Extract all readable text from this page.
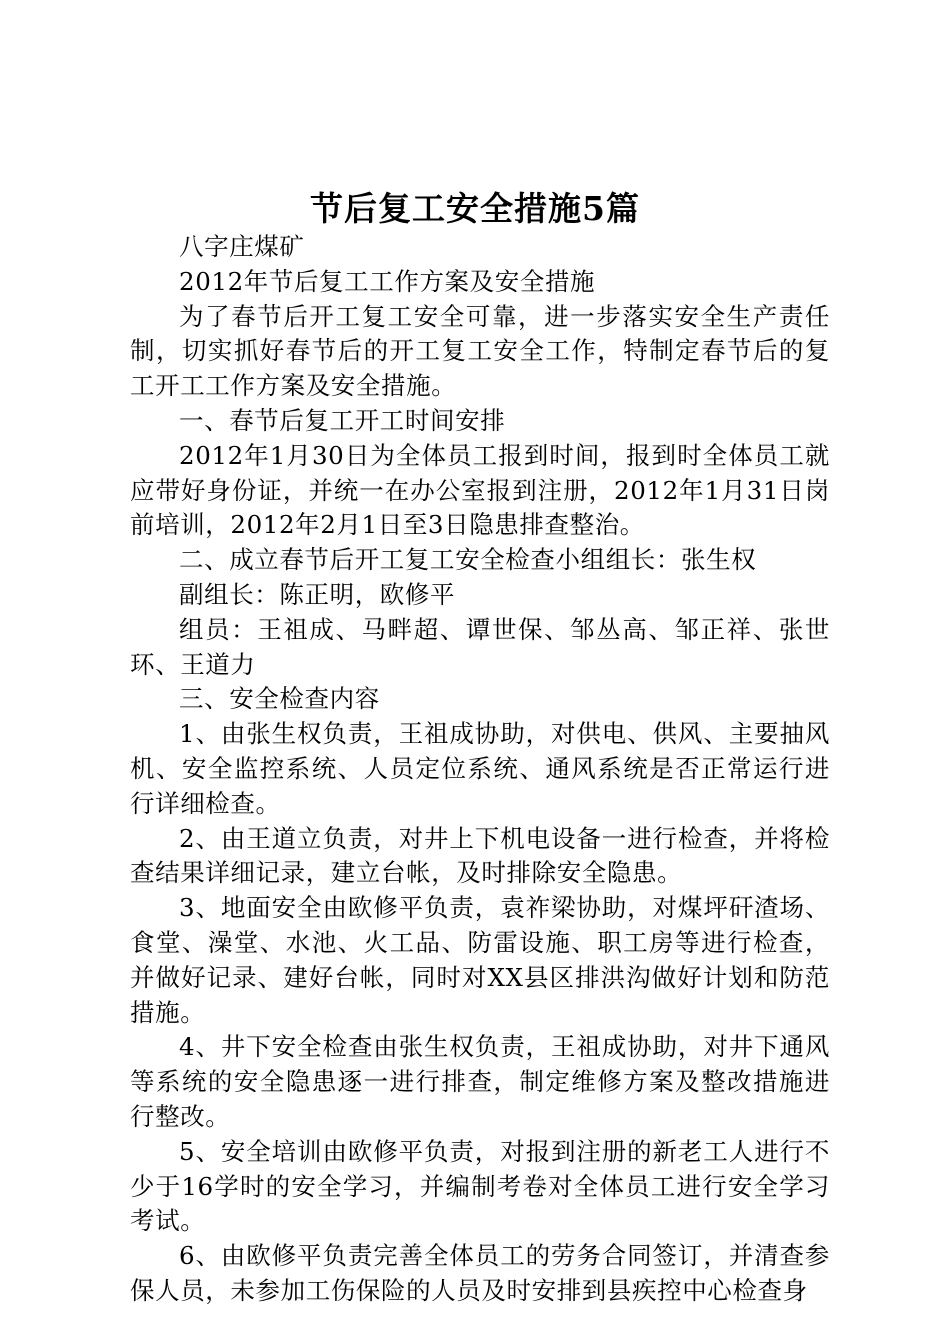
节后复工安全措施5篇

八字庄煤矿

2012年节后复工工作方案及安全措施

为了春节后开工复工安全可靠，进一步落实安全生产责任制，切实抓好春节后的开工复工安全工作，特制定春节后的复工开工工作方案及安全措施。

一、春节后复工开工时间安排

2012年1月30日为全体员工报到时间，报到时全体员工就应带好身份证，并统一在办公室报到注册，2012年1月31日岗前培训，2012年2月1日至3日隐患排查整治。

二、成立春节后开工复工安全检查小组组长：张生权

副组长：陈正明，欧修平

组员：王祖成、马畔超、谭世保、邹丛高、邹正祥、张世环、王道力

三、安全检查内容

1、由张生权负责，王祖成协助，对供电、供风、主要抽风机、安全监控系统、人员定位系统、通风系统是否正常运行进行详细检查。

2、由王道立负责，对井上下机电设备一进行检查，并将检查结果详细记录，建立台帐，及时排除安全隐患。

3、地面安全由欧修平负责，袁祚梁协助，对煤坪矸渣场、食堂、澡堂、水池、火工品、防雷设施、职工房等进行检查，并做好记录、建好台帐，同时对XX县区排洪沟做好计划和防范措施。

4、井下安全检查由张生权负责，王祖成协助，对井下通风等系统的安全隐患逐一进行排查，制定维修方案及整改措施进行整改。

5、安全培训由欧修平负责，对报到注册的新老工人进行不少于16学时的安全学习，并编制考卷对全体员工进行安全学习考试。

6、由欧修平负责完善全体员工的劳务合同签订，并清查参保人员，未参加工伤保险的人员及时安排到县疾控中心检查身
